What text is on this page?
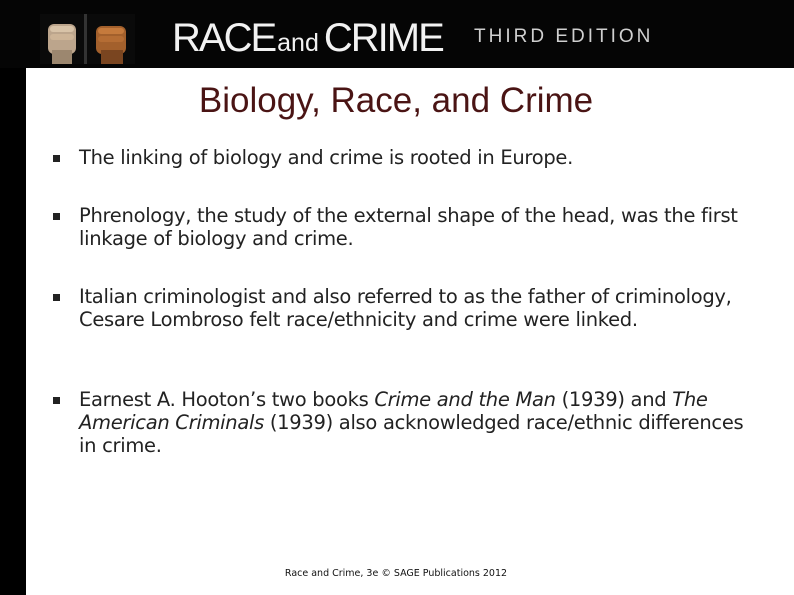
RACEand CRIME THIRD EDITION
Biology, Race, and Crime
The linking of biology and crime is rooted in Europe.
Phrenology, the study of the external shape of the head, was the first linkage of biology and crime.
Italian criminologist and also referred to as the father of criminology, Cesare Lombroso felt race/ethnicity and crime were linked.
Earnest A. Hooton’s two books Crime and the Man (1939) and The American Criminals (1939) also acknowledged race/ethnic differences in crime.
Race and Crime, 3e © SAGE Publications 2012
